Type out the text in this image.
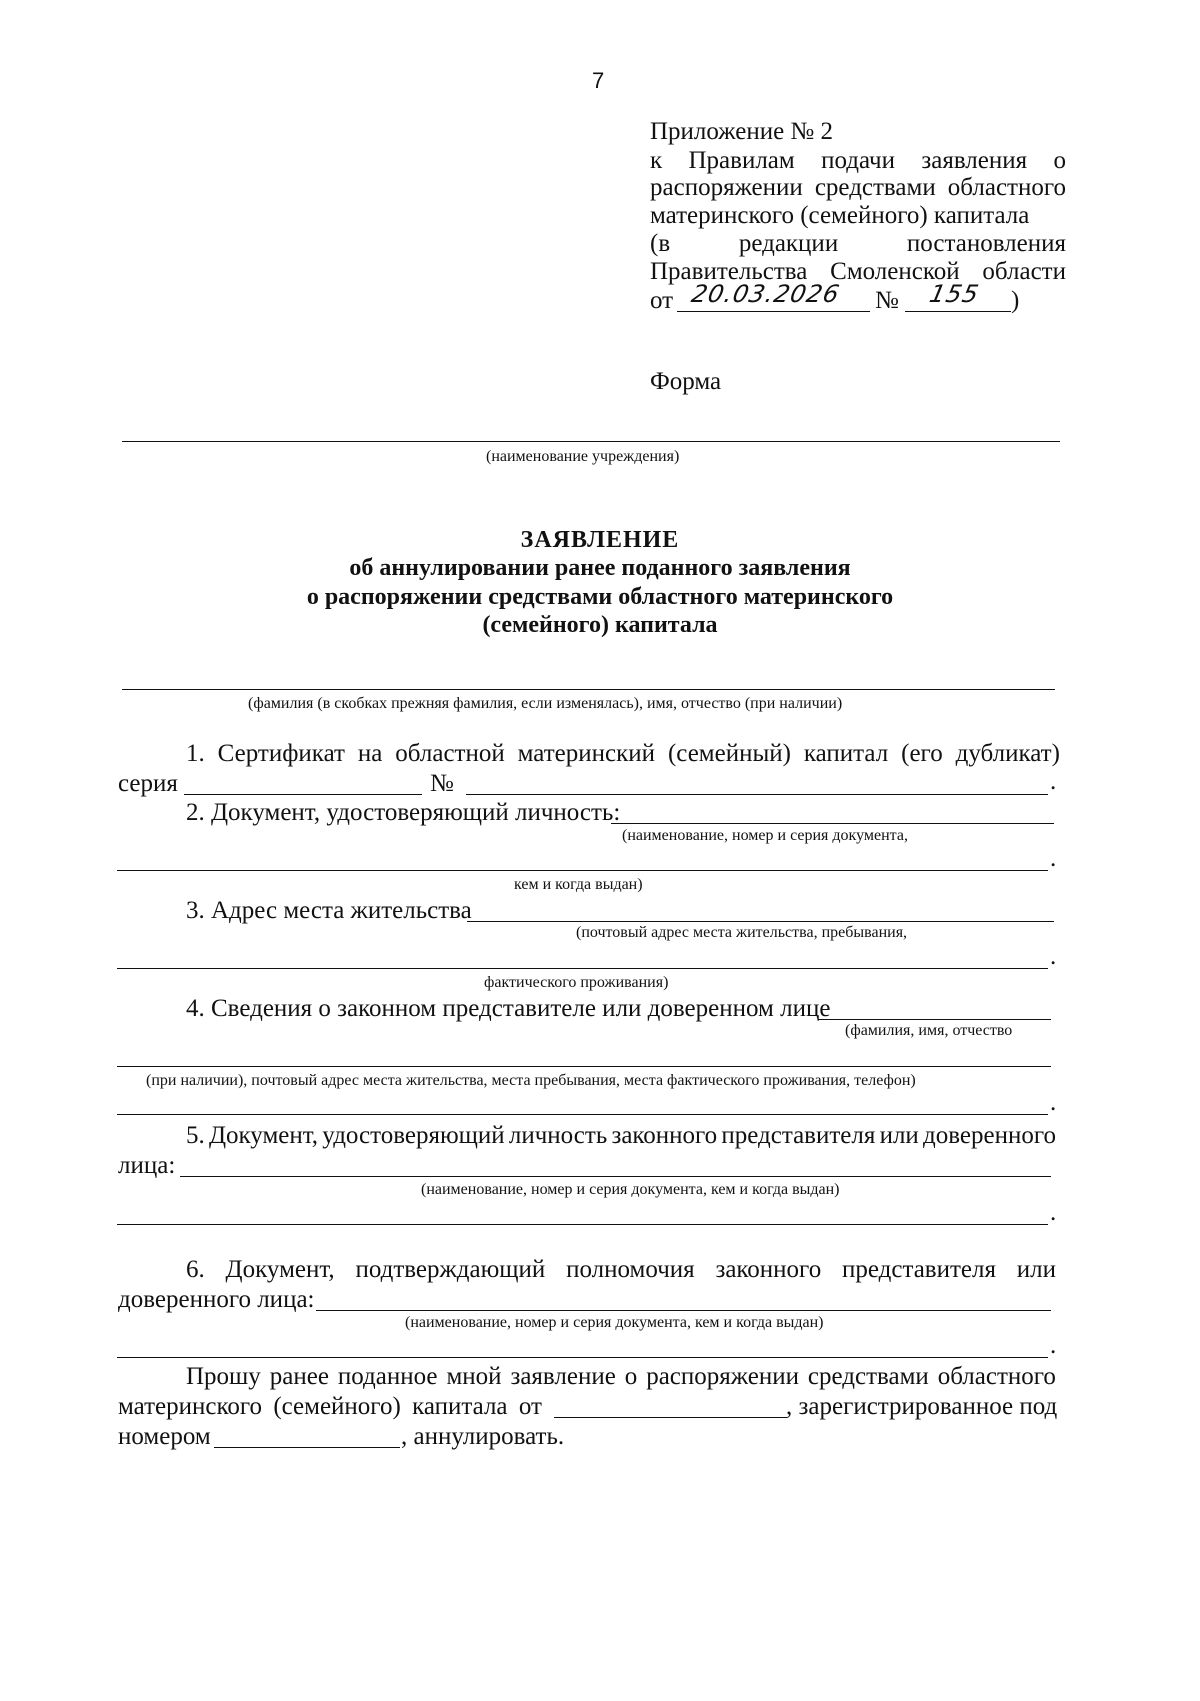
7
Приложение № 2
к Правилам подачи заявления о
распоряжении средствами областного
материнского (семейного) капитала
(в	редакции	постановления
Правительства Смоленской области
от 20.03.2026 № 155 )
Форма
(наименование учреждения)
ЗАЯВЛЕНИЕ
об аннулировании ранее поданного заявления
о распоряжении средствами областного материнского
(семейного) капитала
(фамилия (в скобках прежняя фамилия, если изменялась), имя, отчество (при наличии)
1. Сертификат на областной материнский (семейный) капитал (его дубликат)
серия	№	.
2. Документ, удостоверяющий личность:
(наименование, номер и серия документа,
.
кем и когда выдан)
3. Адрес места жительства
(почтовый адрес места жительства, пребывания,
.
фактического проживания)
4. Сведения о законном представителе или доверенном лице
(фамилия, имя, отчество
(при наличии), почтовый адрес места жительства, места пребывания, места фактического проживания, телефон)
.
5. Документ, удостоверяющий личность законного представителя или доверенного
лица:
(наименование, номер и серия документа, кем и когда выдан)
.
6. Документ, подтверждающий полномочия законного представителя или
доверенного лица:
(наименование, номер и серия документа, кем и когда выдан)
.
Прошу ранее поданное мной заявление о распоряжении средствами областного
материнского (семейного) капитала от	, зарегистрированное под
номером	, аннулировать.
